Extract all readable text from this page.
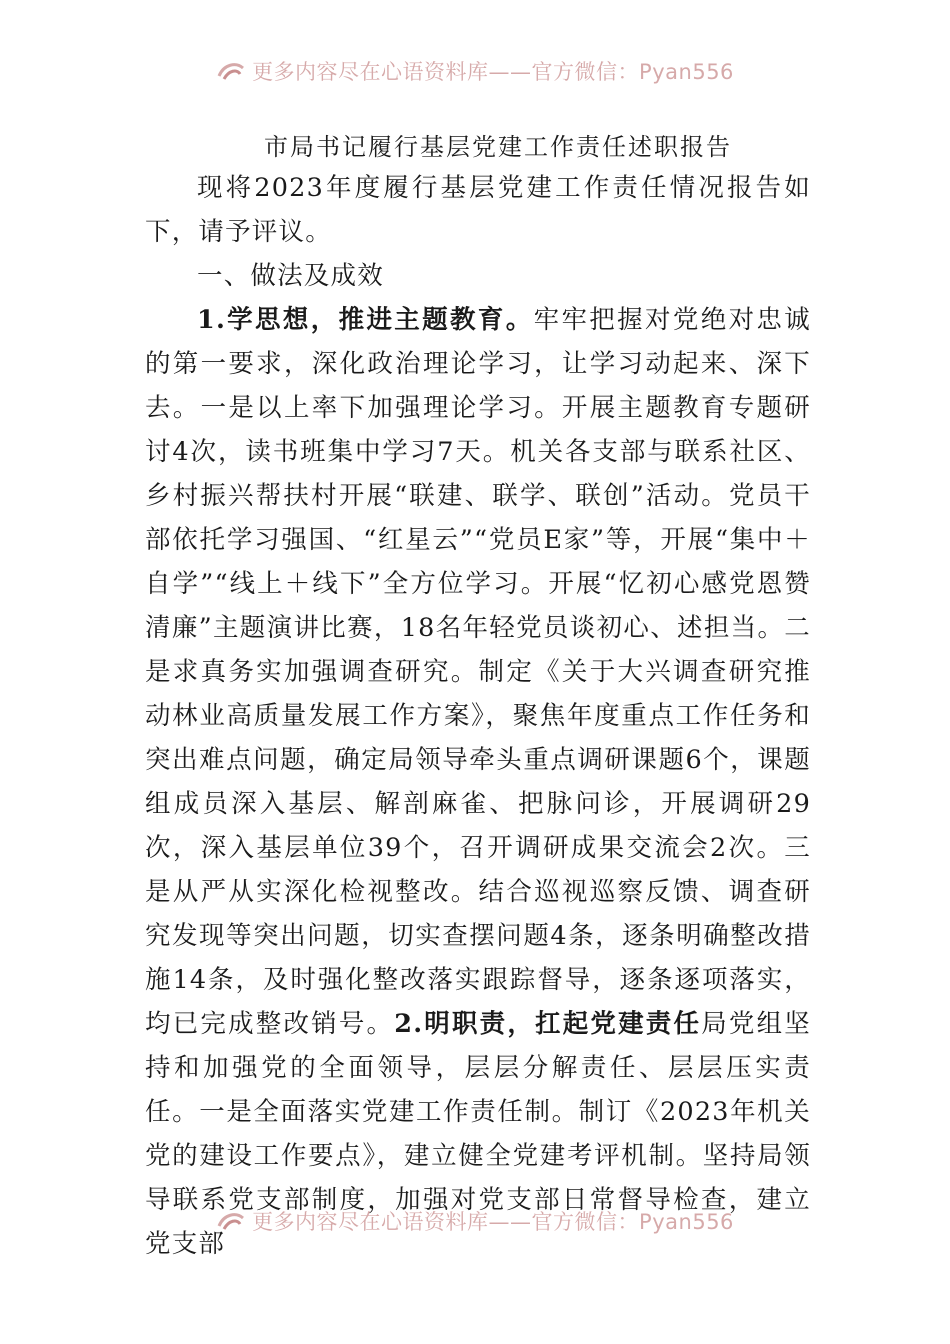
更多内容尽在心语资料库——官方微信：Pyan556
市局书记履行基层党建工作责任述职报告

现将2023年度履行基层党建工作责任情况报告如下，请予评议。

一、做法及成效

1.学思想，推进主题教育。牢牢把握对党绝对忠诚的第一要求，深化政治理论学习，让学习动起来、深下去。一是以上率下加强理论学习。开展主题教育专题研讨4次，读书班集中学习7天。机关各支部与联系社区、乡村振兴帮扶村开展“联建、联学、联创”活动。党员干部依托学习强国、“红星云”“党员E家”等，开展“集中＋自学”“线上＋线下”全方位学习。开展“忆初心感党恩赞清廉”主题演讲比赛，18名年轻党员谈初心、述担当。二是求真务实加强调查研究。制定《关于大兴调查研究推动林业高质量发展工作方案》，聚焦年度重点工作任务和突出难点问题，确定局领导牵头重点调研课题6个，课题组成员深入基层、解剖麻雀、把脉问诊，开展调研29次，深入基层单位39个，召开调研成果交流会2次。三是从严从实深化检视整改。结合巡视巡察反馈、调查研究发现等突出问题，切实查摆问题4条，逐条明确整改措施14条，及时强化整改落实跟踪督导，逐条逐项落实，均已完成整改销号。2.明职责，扛起党建责任局党组坚持和加强党的全面领导，层层分解责任、层层压实责任。一是全面落实党建工作责任制。制订《2023年机关党的建设工作要点》，建立健全党建考评机制。坚持局领导联系党支部制度，加强对党支部日常督导检查，建立党支部

更多内容尽在心语资料库——官方微信：Pyan556
